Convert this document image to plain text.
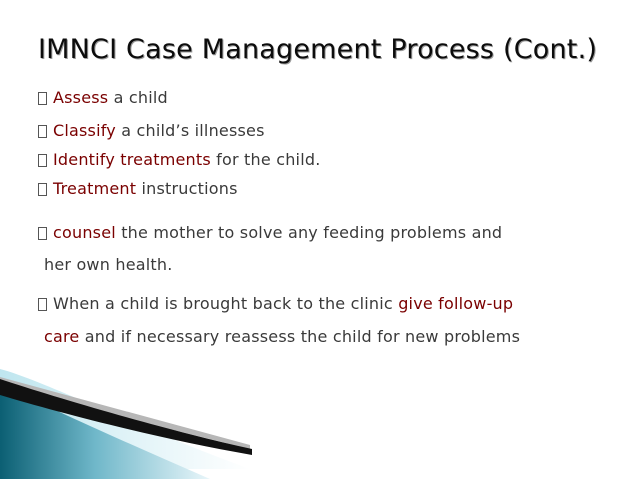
IMNCI Case Management Process (Cont.)
Assess a child
Classify a child’s illnesses
Identify treatments for the child.
Treatment instructions
counsel the mother to solve any feeding problems and
her own health.
When a child is brought back to the clinic give follow-up
care and if necessary reassess the child for new problems
